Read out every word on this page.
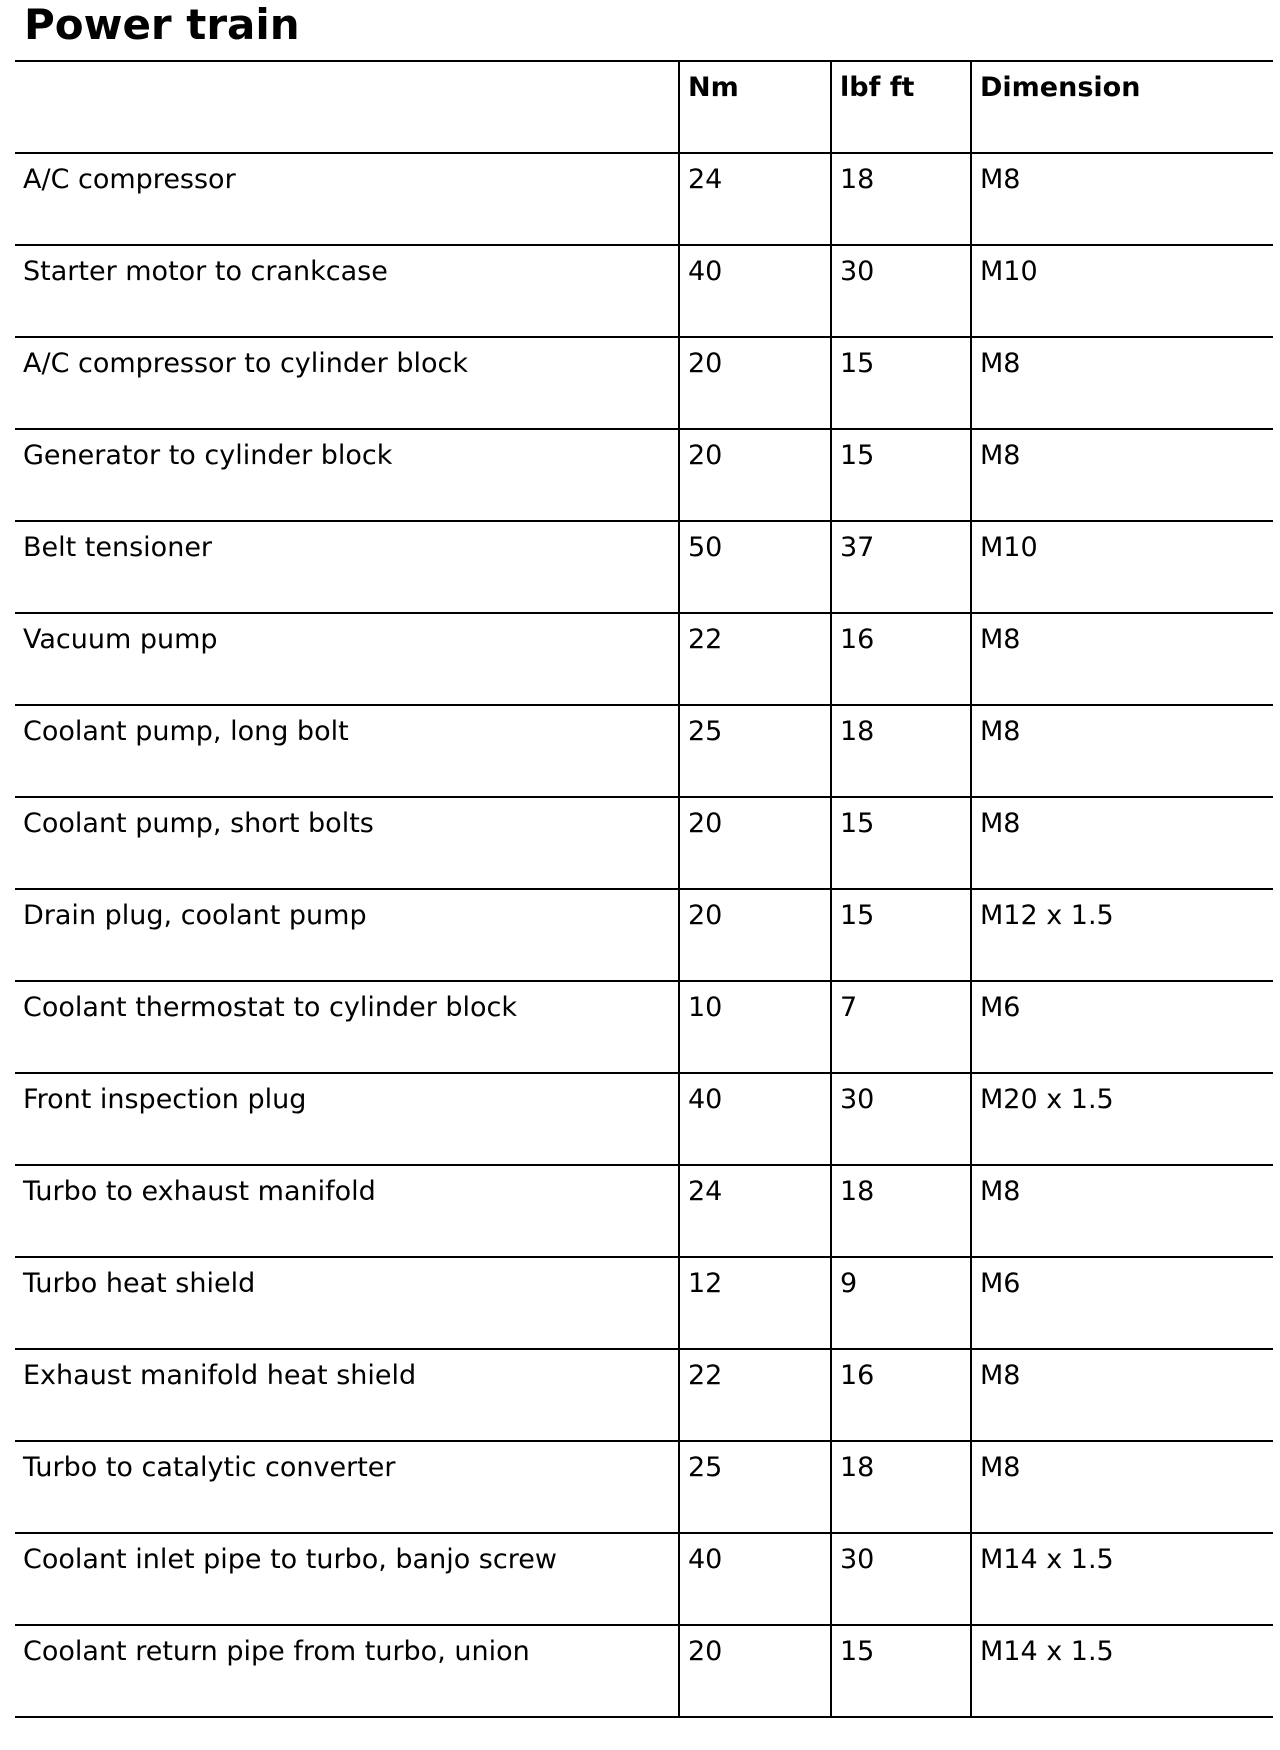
Power train
	Nm	lbf ft	Dimension
A/C compressor	24	18	M8
Starter motor to crankcase	40	30	M10
A/C compressor to cylinder block	20	15	M8
Generator to cylinder block	20	15	M8
Belt tensioner	50	37	M10
Vacuum pump	22	16	M8
Coolant pump, long bolt	25	18	M8
Coolant pump, short bolts	20	15	M8
Drain plug, coolant pump	20	15	M12 x 1.5
Coolant thermostat to cylinder block	10	7	M6
Front inspection plug	40	30	M20 x 1.5
Turbo to exhaust manifold	24	18	M8
Turbo heat shield	12	9	M6
Exhaust manifold heat shield	22	16	M8
Turbo to catalytic converter	25	18	M8
Coolant inlet pipe to turbo, banjo screw	40	30	M14 x 1.5
Coolant return pipe from turbo, union	20	15	M14 x 1.5
